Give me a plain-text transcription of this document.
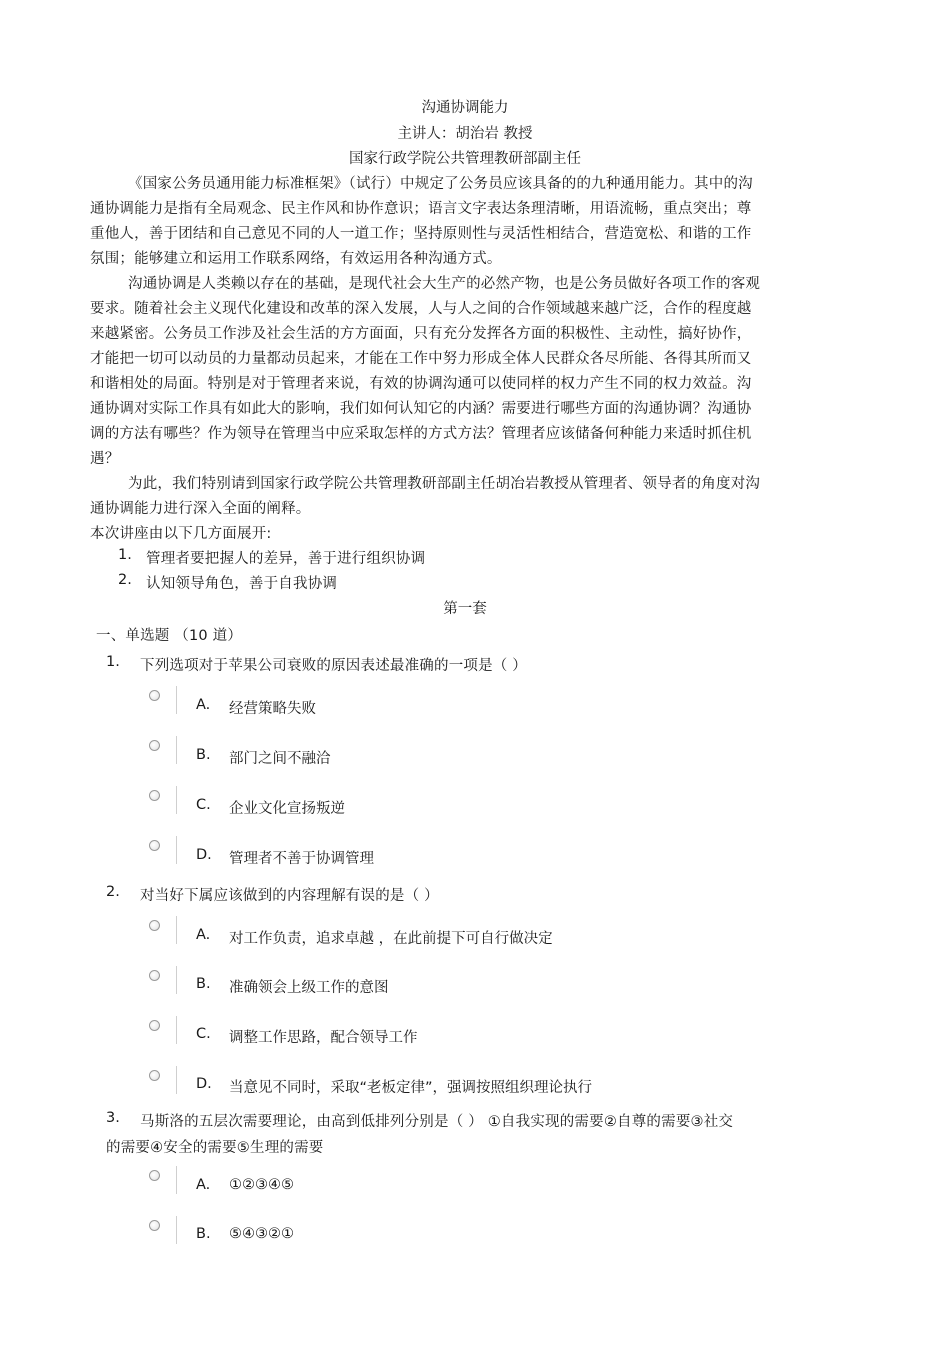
沟通协调能力
主讲人：胡治岩 教授
国家行政学院公共管理教研部副主任
《国家公务员通用能力标准框架》（试行）中规定了公务员应该具备的的九种通用能力。其中的沟
通协调能力是指有全局观念、民主作风和协作意识；语言文字表达条理清晰，用语流畅，重点突出；尊
重他人，善于团结和自己意见不同的人一道工作；坚持原则性与灵活性相结合，营造宽松、和谐的工作
氛围；能够建立和运用工作联系网络，有效运用各种沟通方式。
沟通协调是人类赖以存在的基础，是现代社会大生产的必然产物，也是公务员做好各项工作的客观
要求。随着社会主义现代化建设和改革的深入发展，人与人之间的合作领域越来越广泛，合作的程度越
来越紧密。公务员工作涉及社会生活的方方面面，只有充分发挥各方面的积极性、主动性，搞好协作，
才能把一切可以动员的力量都动员起来，才能在工作中努力形成全体人民群众各尽所能、各得其所而又
和谐相处的局面。特别是对于管理者来说，有效的协调沟通可以使同样的权力产生不同的权力效益。沟
通协调对实际工作具有如此大的影响，我们如何认知它的内涵？需要进行哪些方面的沟通协调？沟通协
调的方法有哪些？作为领导在管理当中应采取怎样的方式方法？管理者应该储备何种能力来适时抓住机
遇？
为此，我们特别请到国家行政学院公共管理教研部副主任胡冶岩教授从管理者、领导者的角度对沟
通协调能力进行深入全面的阐释。
本次讲座由以下几方面展开:
1. 管理者要把握人的差异，善于进行组织协调
2. 认知领导角色，善于自我协调
第一套
一、单选题 （10 道）
1. 下列选项对于苹果公司衰败的原因表述最准确的一项是（ ）
A. 经营策略失败
B. 部门之间不融洽
C. 企业文化宣扬叛逆
D. 管理者不善于协调管理
2. 对当好下属应该做到的内容理解有误的是（ ）
A. 对工作负责，追求卓越 ，在此前提下可自行做决定
B. 准确领会上级工作的意图
C. 调整工作思路，配合领导工作
D. 当意见不同时，采取“老板定律”，强调按照组织理论执行
3. 马斯洛的五层次需要理论，由高到低排列分别是（ ） ①自我实现的需要②自尊的需要③社交
的需要④安全的需要⑤生理的需要
A. ①②③④⑤
B. ⑤④③②①
